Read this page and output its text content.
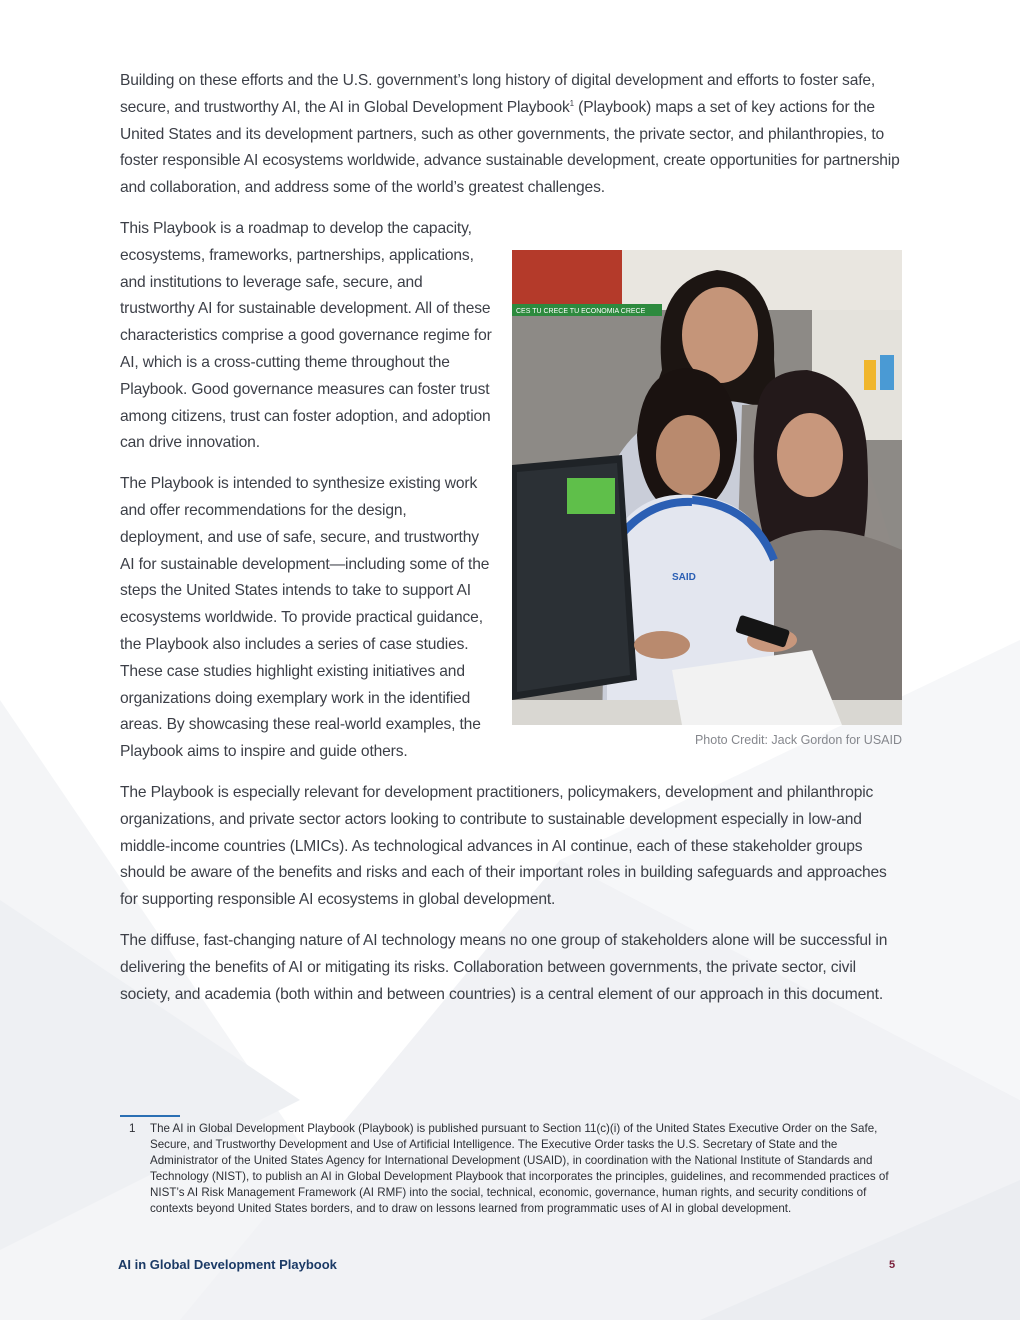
Building on these efforts and the U.S. government’s long history of digital development and efforts to foster safe, secure, and trustworthy AI, the AI in Global Development Playbook$^1$ (Playbook) maps a set of key actions for the United States and its development partners, such as other governments, the private sector, and philanthropies, to foster responsible AI ecosystems worldwide, advance sustainable development, create opportunities for partnership and collaboration, and address some of the world’s greatest challenges.

CES TU CRECE TU ECONOMIA CRECE
SAID
Photo Credit: Jack Gordon for USAID

This Playbook is a roadmap to develop the capacity, ecosystems, frameworks, partnerships, applications, and institutions to leverage safe, secure, and trustworthy AI for sustainable development. All of these characteristics comprise a good governance regime for AI, which is a cross-cutting theme throughout the Playbook. Good governance measures can foster trust among citizens, trust can foster adoption, and adoption can drive innovation.

The Playbook is intended to synthesize existing work and offer recommendations for the design, deployment, and use of safe, secure, and trustworthy AI for sustainable development—including some of the steps the United States intends to take to support AI ecosystems worldwide. To provide practical guidance, the Playbook also includes a series of case studies. These case studies highlight existing initiatives and organizations doing exemplary work in the identified areas. By showcasing these real-world examples, the Playbook aims to inspire and guide others.

The Playbook is especially relevant for development practitioners, policymakers, development and philanthropic organizations, and private sector actors looking to contribute to sustainable development especially in low-and middle-income countries (LMICs). As technological advances in AI continue, each of these stakeholder groups should be aware of the benefits and risks and each of their important roles in building safeguards and approaches for supporting responsible AI ecosystems in global development.

The diffuse, fast-changing nature of AI technology means no one group of stakeholders alone will be successful in delivering the benefits of AI or mitigating its risks. Collaboration between governments, the private sector, civil society, and academia (both within and between countries) is a central element of our approach in this document.

1 The AI in Global Development Playbook (Playbook) is published pursuant to Section 11(c)(i) of the United States Executive Order on the Safe, Secure, and Trustworthy Development and Use of Artificial Intelligence. The Executive Order tasks the U.S. Secretary of State and the Administrator of the United States Agency for International Development (USAID), in coordination with the National Institute of Standards and Technology (NIST), to publish an AI in Global Development Playbook that incorporates the principles, guidelines, and recommended practices of NIST’s AI Risk Management Framework (AI RMF) into the social, technical, economic, governance, human rights, and security conditions of contexts beyond United States borders, and to draw on lessons learned from programmatic uses of AI in global development.
AI in Global Development Playbook	5
